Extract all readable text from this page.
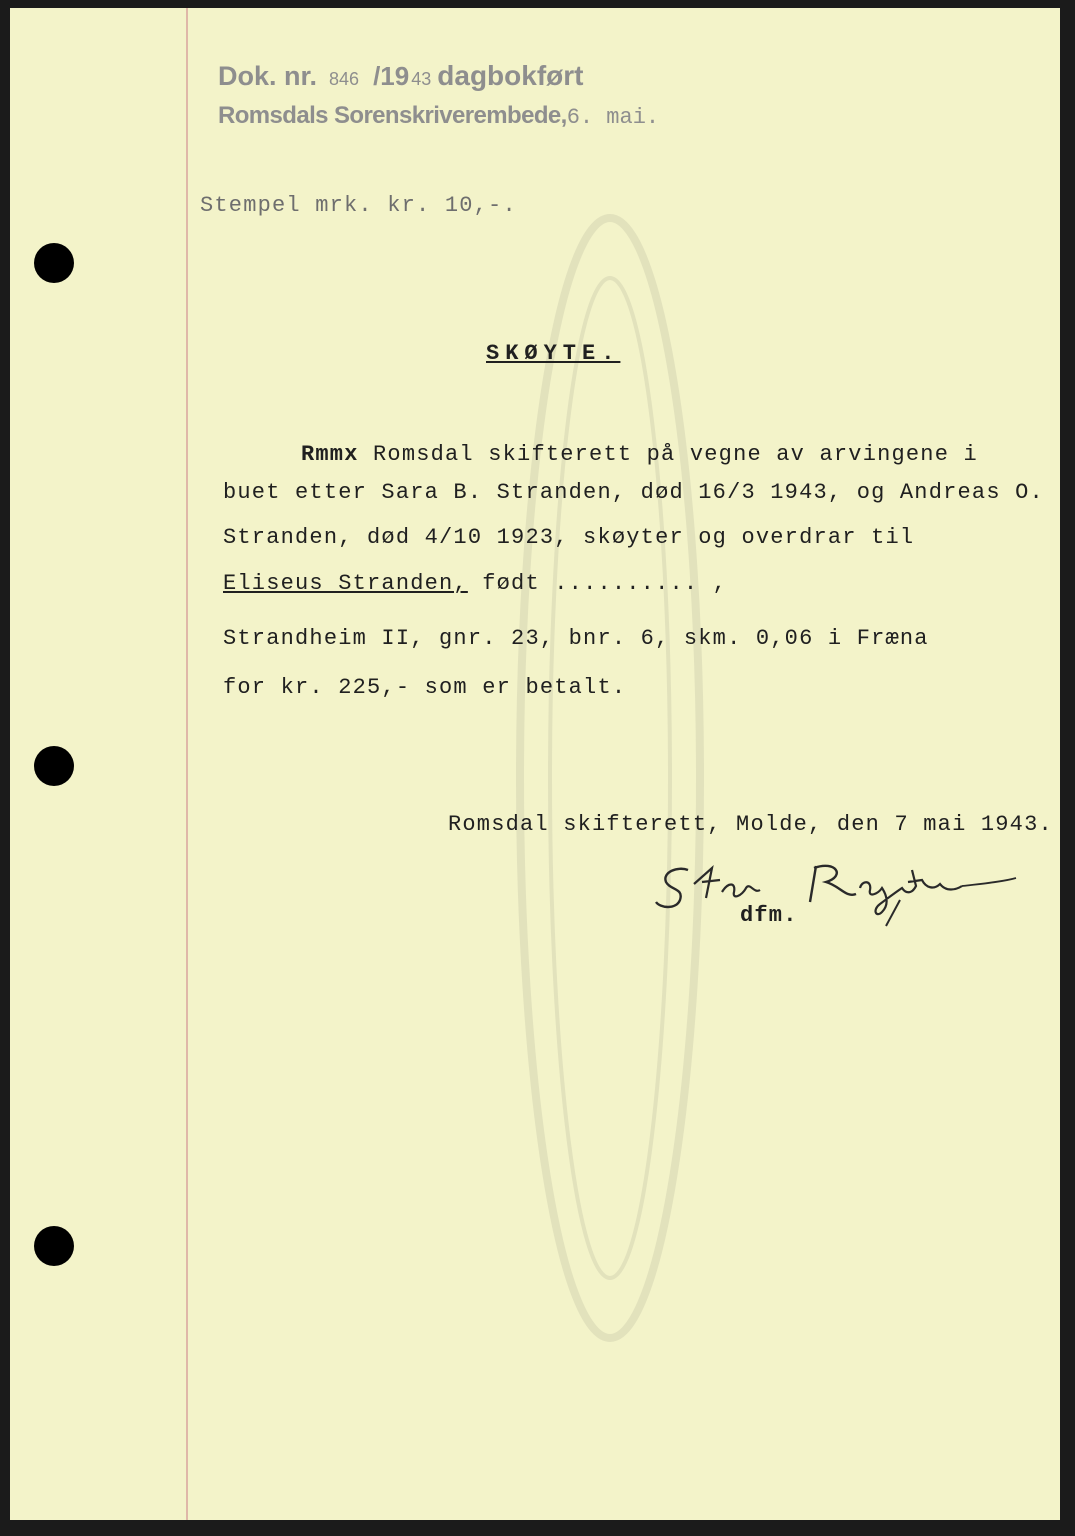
Dok. nr. 846 /19 43 dagbokført
Romsdals Sorenskriverembede,6. mai.
Stempel mrk. kr. 10,-.
SKØYTE.
Rmmx Romsdal skifterett på vegne av arvingene i
buet etter Sara B. Stranden, død 16/3 1943, og Andreas O.
Stranden, død 4/10 1923, skøyter og overdrar til
Eliseus Stranden, født .......... ,
Strandheim II, gnr. 23, bnr. 6, skm. 0,06 i Fræna
for kr. 225,- som er betalt.
Romsdal skifterett, Molde, den 7 mai 1943.
dfm.
